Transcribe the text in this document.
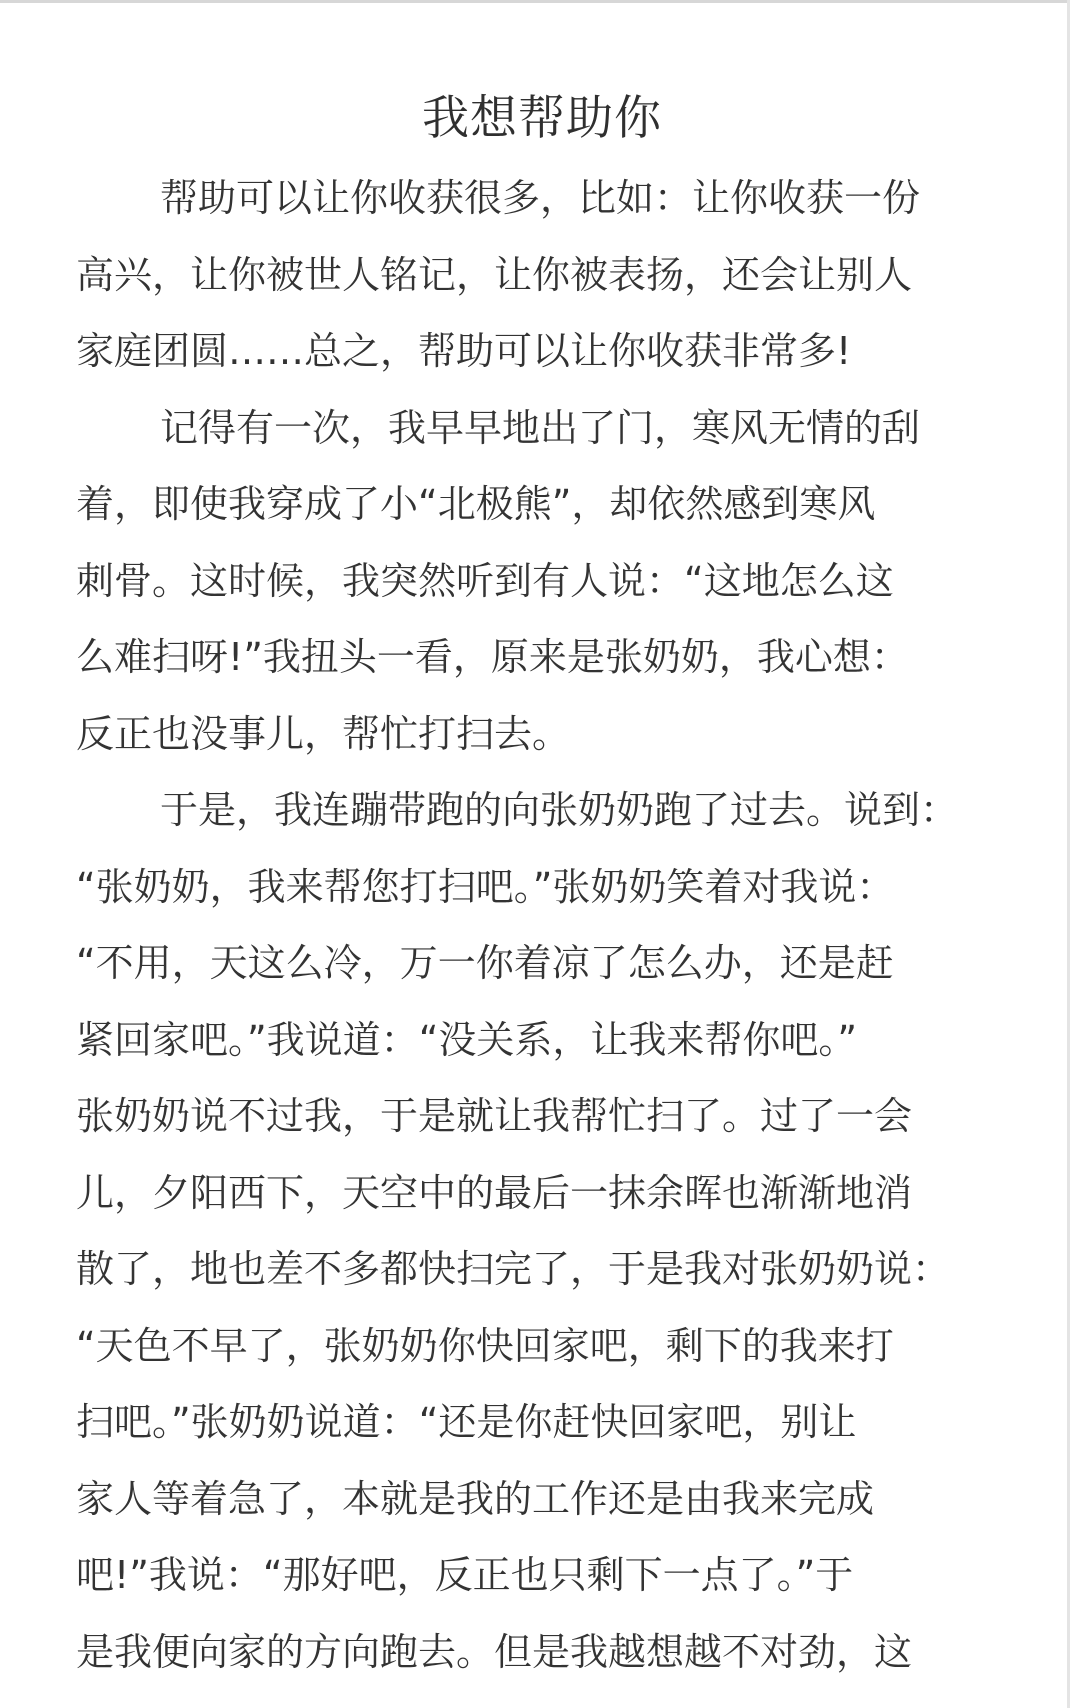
我想帮助你

帮助可以让你收获很多，比如：让你收获一份
高兴，让你被世人铭记，让你被表扬，还会让别人
家庭团圆……总之，帮助可以让你收获非常多!

记得有一次，我早早地出了门，寒风无情的刮
着，即使我穿成了小“北极熊”，却依然感到寒风
刺骨。这时候，我突然听到有人说：“这地怎么这
么难扫呀!”我扭头一看，原来是张奶奶，我心想：
反正也没事儿，帮忙打扫去。

于是，我连蹦带跑的向张奶奶跑了过去。说到：
“张奶奶，我来帮您打扫吧。”张奶奶笑着对我说：
“不用，天这么冷，万一你着凉了怎么办，还是赶
紧回家吧。”我说道：“没关系，让我来帮你吧。”
张奶奶说不过我，于是就让我帮忙扫了。过了一会
儿，夕阳西下，天空中的最后一抹余晖也渐渐地消
散了，地也差不多都快扫完了，于是我对张奶奶说：
“天色不早了，张奶奶你快回家吧，剩下的我来打
扫吧。”张奶奶说道：“还是你赶快回家吧，别让
家人等着急了，本就是我的工作还是由我来完成
吧!”我说：“那好吧，反正也只剩下一点了。”于
是我便向家的方向跑去。但是我越想越不对劲，这
